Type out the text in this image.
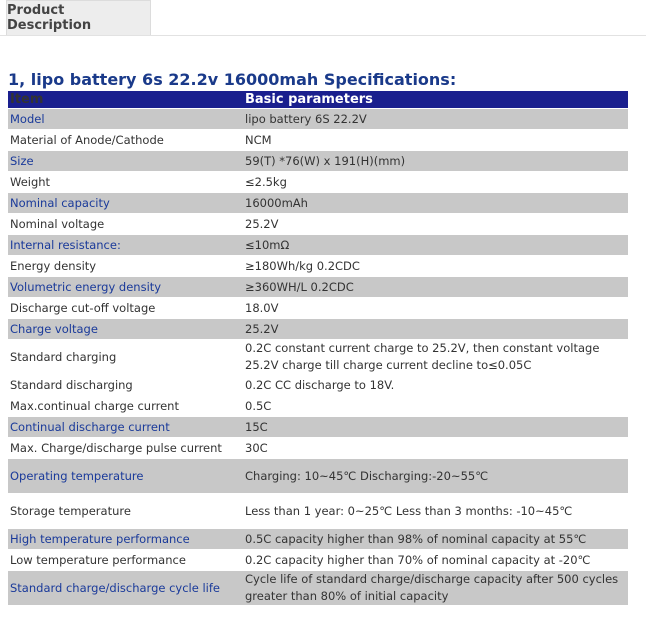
Product Description
1, lipo battery 6s 22.2v 16000mah Specifications:
Item	Basic parameters
Model	lipo battery 6S 22.2V
Material of Anode/Cathode	NCM
Size	59(T) *76(W) x 191(H)(mm)
Weight	≤2.5kg
Nominal capacity	16000mAh
Nominal voltage	25.2V
Internal resistance:	≤10mΩ
Energy density	≥180Wh/kg 0.2CDC
Volumetric energy density	≥360WH/L 0.2CDC
Discharge cut-off voltage	18.0V
Charge voltage	25.2V
Standard charging	0.2C constant current charge to 25.2V, then constant voltage 25.2V charge till charge current decline to≤0.05C
Standard discharging	0.2C CC discharge to 18V.
Max.continual charge current	0.5C
Continual discharge current	15C
Max. Charge/discharge pulse current	30C
Operating temperature	Charging: 10~45℃ Discharging:-20~55℃
Storage temperature	Less than 1 year: 0~25℃ Less than 3 months: -10~45℃
High temperature performance	0.5C capacity higher than 98% of nominal capacity at 55℃
Low temperature performance	0.2C capacity higher than 70% of nominal capacity at -20℃
Standard charge/discharge cycle life	Cycle life of standard charge/discharge capacity after 500 cycles greater than 80% of initial capacity
